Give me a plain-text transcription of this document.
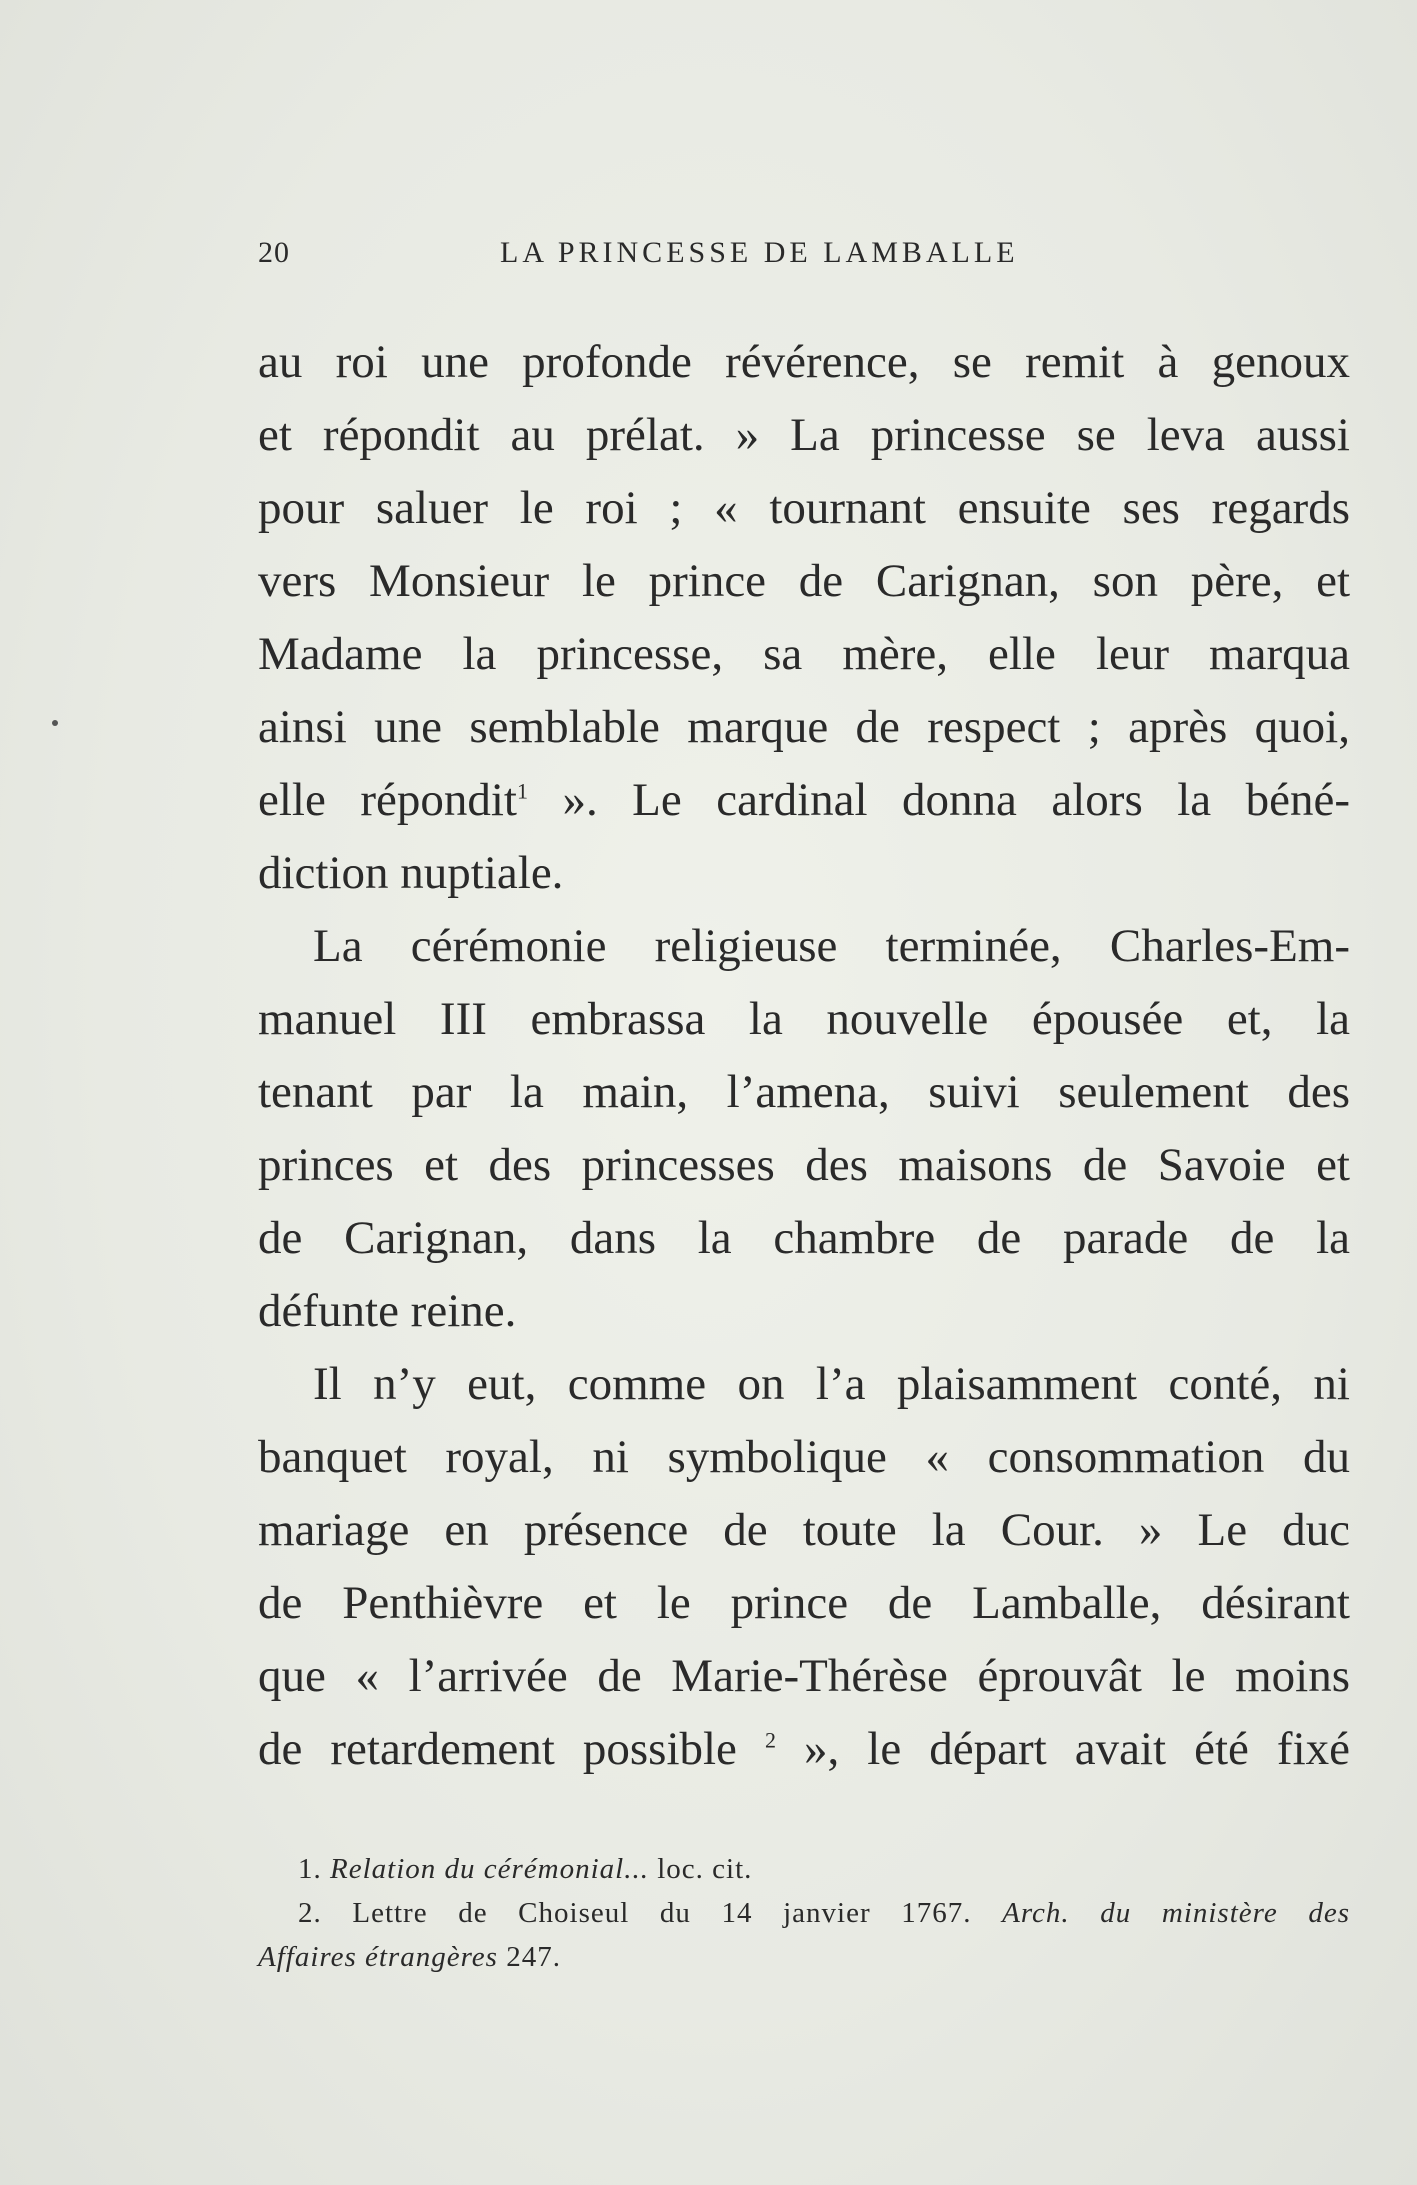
20	LA PRINCESSE DE LAMBALLE
au roi une profonde révérence, se remit à genoux
et répondit au prélat. » La princesse se leva aussi
pour saluer le roi ; « tournant ensuite ses regards
vers Monsieur le prince de Carignan, son père, et
Madame la princesse, sa mère, elle leur marqua
ainsi une semblable marque de respect ; après quoi,
elle répondit$^1$ ». Le cardinal donna alors la béné-
diction nuptiale.
La cérémonie religieuse terminée, Charles-Em-
manuel III embrassa la nouvelle épousée et, la
tenant par la main, l’amena, suivi seulement des
princes et des princesses des maisons de Savoie et
de Carignan, dans la chambre de parade de la
défunte reine.
Il n’y eut, comme on l’a plaisamment conté, ni
banquet royal, ni symbolique « consommation du
mariage en présence de toute la Cour. » Le duc
de Penthièvre et le prince de Lamballe, désirant
que « l’arrivée de Marie-Thérèse éprouvât le moins
de retardement possible $^2$ », le départ avait été fixé
1. Relation du cérémonial... loc. cit.
2. Lettre de Choiseul du 14 janvier 1767. Arch. du ministère des
Affaires étrangères 247.
